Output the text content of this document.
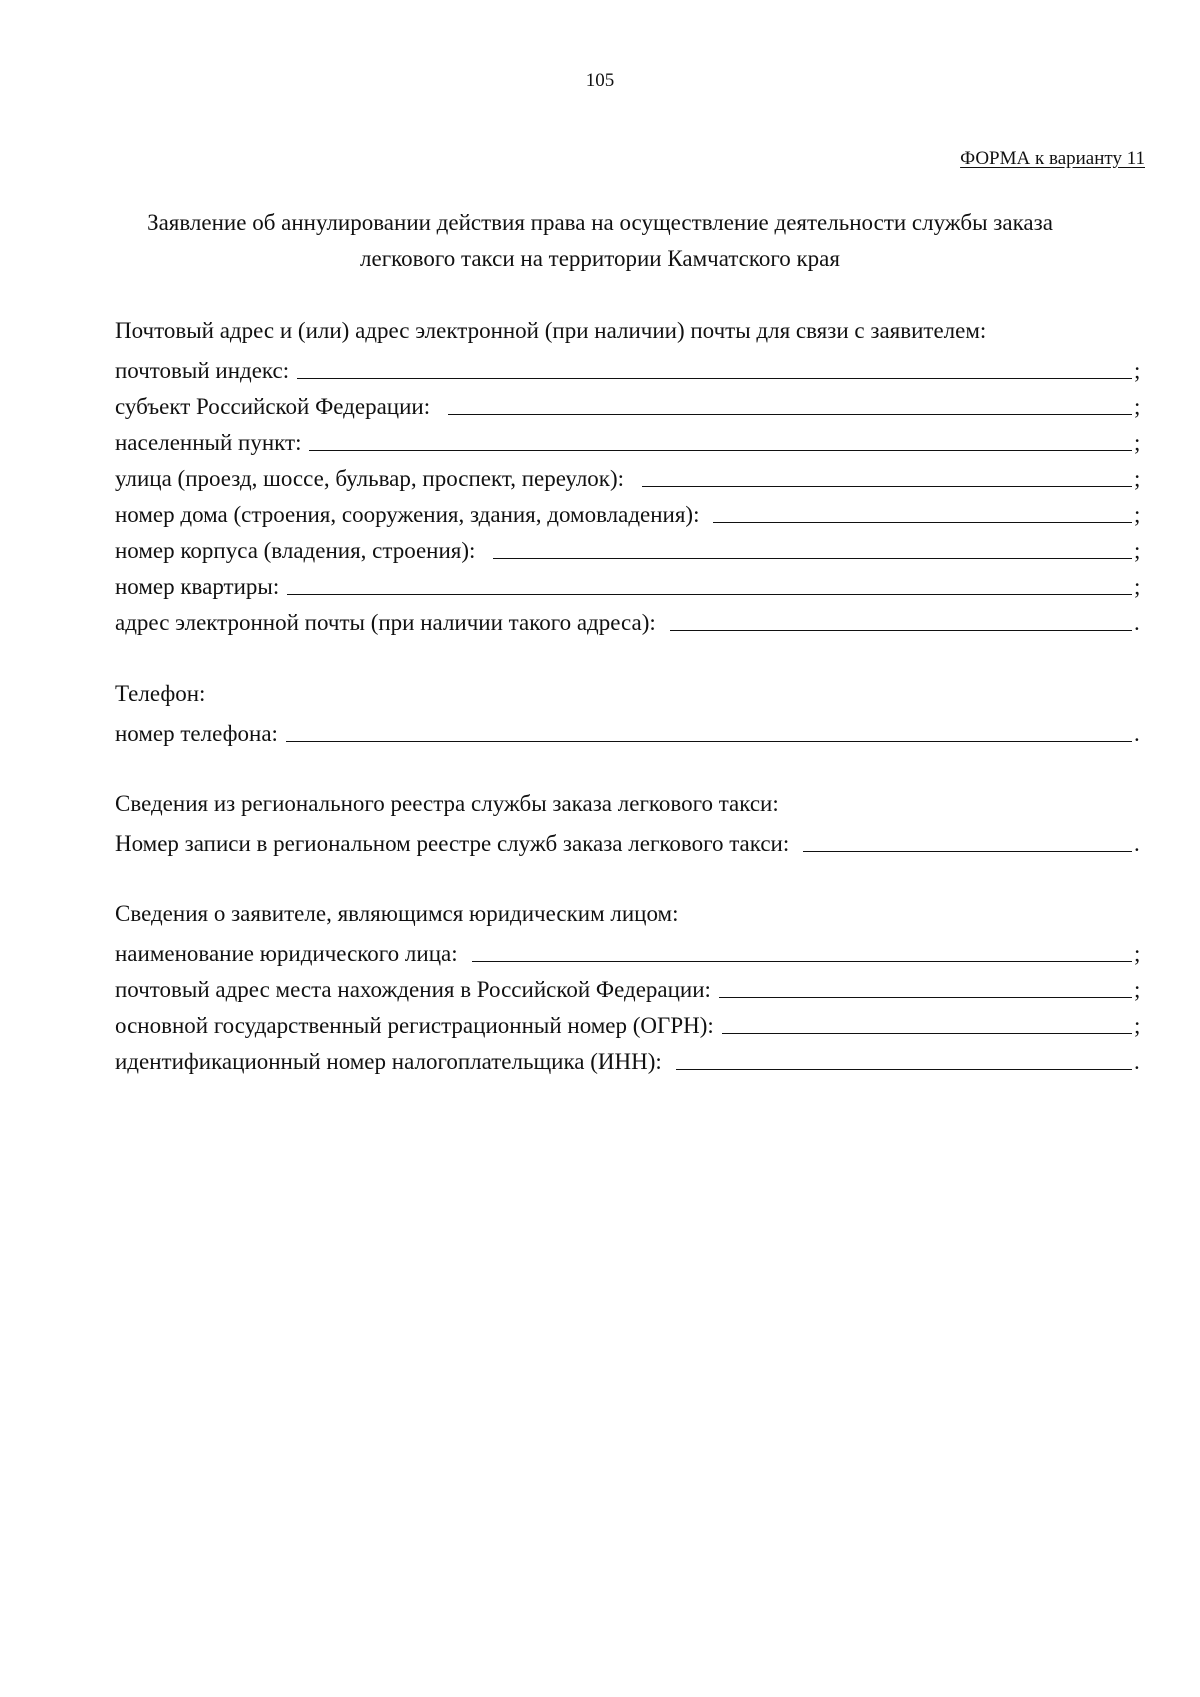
105
ФОРМА к варианту 11
Заявление об аннулировании действия права на осуществление деятельности службы заказа
легкового такси на территории Камчатского края
Почтовый адрес и (или) адрес электронной (при наличии) почты для связи с заявителем:
почтовый индекс:	;
субъект Российской Федерации:	;
населенный пункт:	;
улица (проезд, шоссе, бульвар, проспект, переулок):	;
номер дома (строения, сооружения, здания, домовладения):	;
номер корпуса (владения, строения):	;
номер квартиры:	;
адрес электронной почты (при наличии такого адреса):	.
Телефон:
номер телефона:	.
Сведения из регионального реестра службы заказа легкового такси:
Номер записи в региональном реестре служб заказа легкового такси:	.
Сведения о заявителе, являющимся юридическим лицом:
наименование юридического лица:	;
почтовый адрес места нахождения в Российской Федерации:	;
основной государственный регистрационный номер (ОГРН):	;
идентификационный номер налогоплательщика (ИНН):	.
